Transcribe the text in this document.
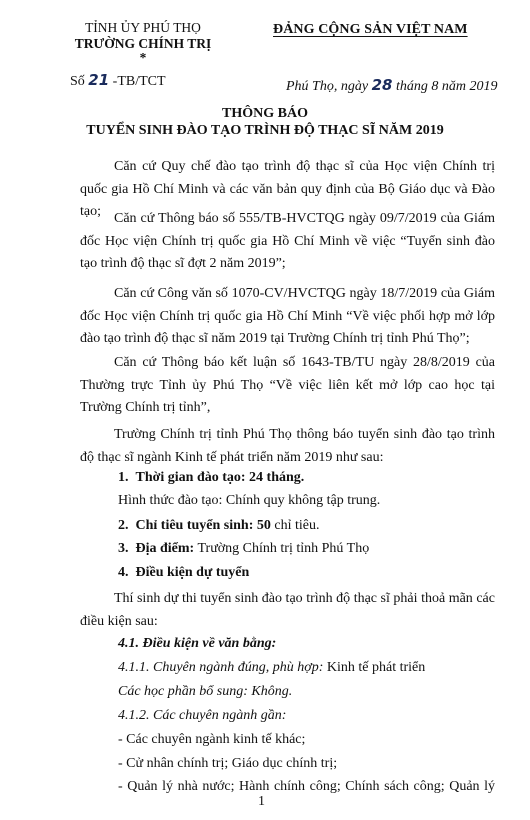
TỈNH ỦY PHÚ THỌ
TRƯỜNG CHÍNH TRỊ
*
Số 21 -TB/TCT
ĐẢNG CỘNG SẢN VIỆT NAM
Phú Thọ, ngày 28 tháng 8 năm 2019
THÔNG BÁO
TUYỂN SINH ĐÀO TẠO TRÌNH ĐỘ THẠC SĨ NĂM 2019
Căn cứ Quy chế đào tạo trình độ thạc sĩ của Học viện Chính trị quốc gia Hồ Chí Minh và các văn bản quy định của Bộ Giáo dục và Đào tạo; Căn cứ Thông báo số 555/TB-HVCTQG ngày 09/7/2019 của Giám đốc Học viện Chính trị quốc gia Hồ Chí Minh về việc “Tuyển sinh đào tạo trình độ thạc sĩ đợt 2 năm 2019”;
Căn cứ Công văn số 1070-CV/HVCTQG ngày 18/7/2019 của Giám đốc Học viện Chính trị quốc gia Hồ Chí Minh “Về việc phối hợp mở lớp đào tạo trình độ thạc sĩ năm 2019 tại Trường Chính trị tỉnh Phú Thọ”;
Căn cứ Thông báo kết luận số 1643-TB/TU ngày 28/8/2019 của Thường trực Tỉnh ủy Phú Thọ “Về việc liên kết mở lớp cao học tại Trường Chính trị tỉnh”,
Trường Chính trị tỉnh Phú Thọ thông báo tuyển sinh đào tạo trình độ thạc sĩ ngành Kinh tế phát triển năm 2019 như sau:
1. Thời gian đào tạo: 24 tháng.
Hình thức đào tạo: Chính quy không tập trung.
2. Chỉ tiêu tuyển sinh: 50 chỉ tiêu.
3. Địa điểm: Trường Chính trị tỉnh Phú Thọ
4. Điều kiện dự tuyển
Thí sinh dự thi tuyển sinh đào tạo trình độ thạc sĩ phải thoả mãn các điều kiện sau:
4.1. Điều kiện về văn bằng:
4.1.1. Chuyên ngành đúng, phù hợp: Kinh tế phát triển
Các học phần bổ sung: Không.
4.1.2. Các chuyên ngành gần:
- Các chuyên ngành kinh tế khác;
- Cử nhân chính trị; Giáo dục chính trị;
- Quản lý nhà nước; Hành chính công; Chính sách công; Quản lý
1
